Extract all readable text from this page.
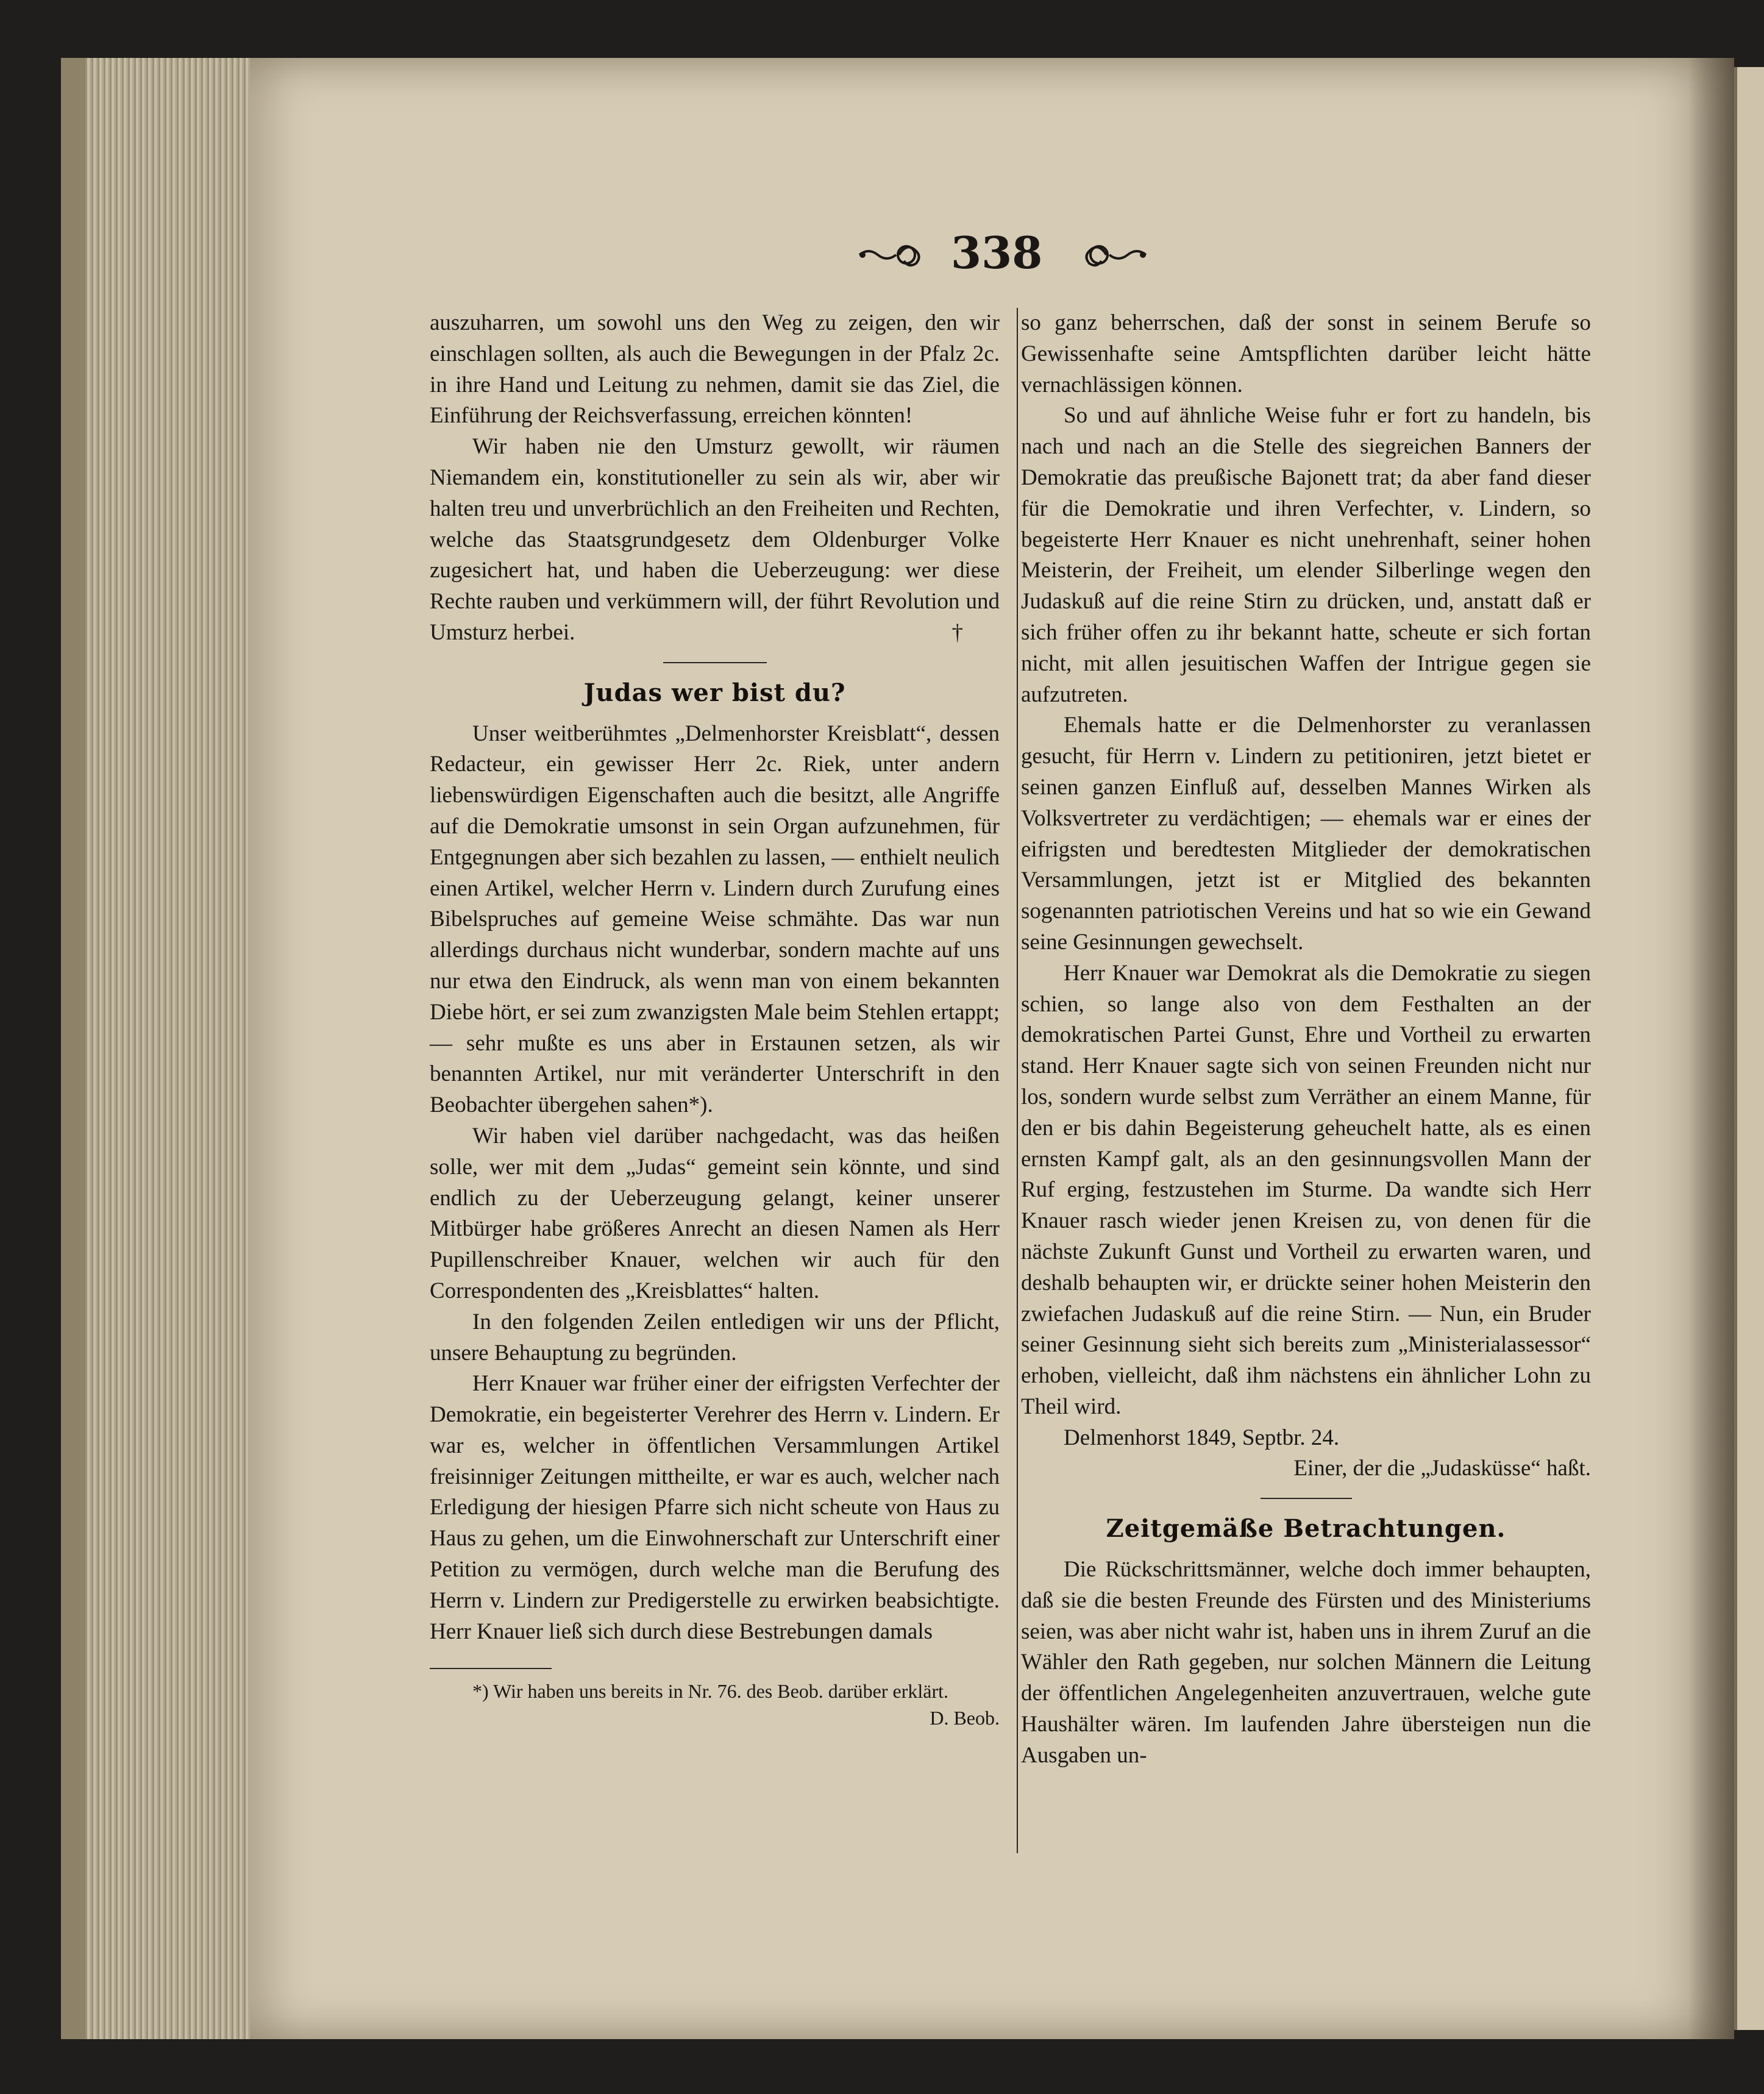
338

auszuharren, um sowohl uns den Weg zu zeigen, den wir einschlagen sollten, als auch die Bewegungen in der Pfalz 2c. in ihre Hand und Leitung zu nehmen, damit sie das Ziel, die Einführung der Reichsverfassung, erreichen könnten!

Wir haben nie den Umsturz gewollt, wir räumen Niemandem ein, konstitutioneller zu sein als wir, aber wir halten treu und unverbrüchlich an den Freiheiten und Rechten, welche das Staatsgrundgesetz dem Oldenburger Volke zugesichert hat, und haben die Ueberzeugung: wer diese Rechte rauben und verkümmern will, der führt Revolution und Umsturz herbei.	†

Judas wer bist du?

Unser weitberühmtes „Delmenhorster Kreisblatt“, dessen Redacteur, ein gewisser Herr 2c. Riek, unter andern liebenswürdigen Eigenschaften auch die besitzt, alle Angriffe auf die Demokratie umsonst in sein Organ aufzunehmen, für Entgegnungen aber sich bezahlen zu lassen, — enthielt neulich einen Artikel, welcher Herrn v. Lindern durch Zurufung eines Bibelspruches auf gemeine Weise schmähte. Das war nun allerdings durchaus nicht wunderbar, sondern machte auf uns nur etwa den Eindruck, als wenn man von einem bekannten Diebe hört, er sei zum zwanzigsten Male beim Stehlen ertappt; — sehr mußte es uns aber in Erstaunen setzen, als wir benannten Artikel, nur mit veränderter Unterschrift in den Beobachter übergehen sahen*).

Wir haben viel darüber nachgedacht, was das heißen solle, wer mit dem „Judas“ gemeint sein könnte, und sind endlich zu der Ueberzeugung gelangt, keiner unserer Mitbürger habe größeres Anrecht an diesen Namen als Herr Pupillenschreiber Knauer, welchen wir auch für den Correspondenten des „Kreisblattes“ halten.

In den folgenden Zeilen entledigen wir uns der Pflicht, unsere Behauptung zu begründen.

Herr Knauer war früher einer der eifrigsten Verfechter der Demokratie, ein begeisterter Verehrer des Herrn v. Lindern. Er war es, welcher in öffentlichen Versammlungen Artikel freisinniger Zeitungen mittheilte, er war es auch, welcher nach Erledigung der hiesigen Pfarre sich nicht scheute von Haus zu Haus zu gehen, um die Einwohnerschaft zur Unterschrift einer Petition zu vermögen, durch welche man die Berufung des Herrn v. Lindern zur Predigerstelle zu erwirken beabsichtigte. Herr Knauer ließ sich durch diese Bestrebungen damals

*) Wir haben uns bereits in Nr. 76. des Beob. darüber erklärt.
D. Beob.

so ganz beherrschen, daß der sonst in seinem Berufe so Gewissenhafte seine Amtspflichten darüber leicht hätte vernachlässigen können.

So und auf ähnliche Weise fuhr er fort zu handeln, bis nach und nach an die Stelle des siegreichen Banners der Demokratie das preußische Bajonett trat; da aber fand dieser für die Demokratie und ihren Verfechter, v. Lindern, so begeisterte Herr Knauer es nicht unehrenhaft, seiner hohen Meisterin, der Freiheit, um elender Silberlinge wegen den Judaskuß auf die reine Stirn zu drücken, und, anstatt daß er sich früher offen zu ihr bekannt hatte, scheute er sich fortan nicht, mit allen jesuitischen Waffen der Intrigue gegen sie aufzutreten.

Ehemals hatte er die Delmenhorster zu veranlassen gesucht, für Herrn v. Lindern zu petitioniren, jetzt bietet er seinen ganzen Einfluß auf, desselben Mannes Wirken als Volksvertreter zu verdächtigen; — ehemals war er eines der eifrigsten und beredtesten Mitglieder der demokratischen Versammlungen, jetzt ist er Mitglied des bekannten sogenannten patriotischen Vereins und hat so wie ein Gewand seine Gesinnungen gewechselt.

Herr Knauer war Demokrat als die Demokratie zu siegen schien, so lange also von dem Festhalten an der demokratischen Partei Gunst, Ehre und Vortheil zu erwarten stand. Herr Knauer sagte sich von seinen Freunden nicht nur los, sondern wurde selbst zum Verräther an einem Manne, für den er bis dahin Begeisterung geheuchelt hatte, als es einen ernsten Kampf galt, als an den gesinnungsvollen Mann der Ruf erging, festzustehen im Sturme. Da wandte sich Herr Knauer rasch wieder jenen Kreisen zu, von denen für die nächste Zukunft Gunst und Vortheil zu erwarten waren, und deshalb behaupten wir, er drückte seiner hohen Meisterin den zwiefachen Judaskuß auf die reine Stirn. — Nun, ein Bruder seiner Gesinnung sieht sich bereits zum „Ministerialassessor“ erhoben, vielleicht, daß ihm nächstens ein ähnlicher Lohn zu Theil wird.

Delmenhorst 1849, Septbr. 24.

Einer, der die „Judasküsse“ haßt.

Zeitgemäße Betrachtungen.

Die Rückschrittsmänner, welche doch immer behaupten, daß sie die besten Freunde des Fürsten und des Ministeriums seien, was aber nicht wahr ist, haben uns in ihrem Zuruf an die Wähler den Rath gegeben, nur solchen Männern die Leitung der öffentlichen Angelegenheiten anzuvertrauen, welche gute Haushälter wären. Im laufenden Jahre übersteigen nun die Ausgaben un-
